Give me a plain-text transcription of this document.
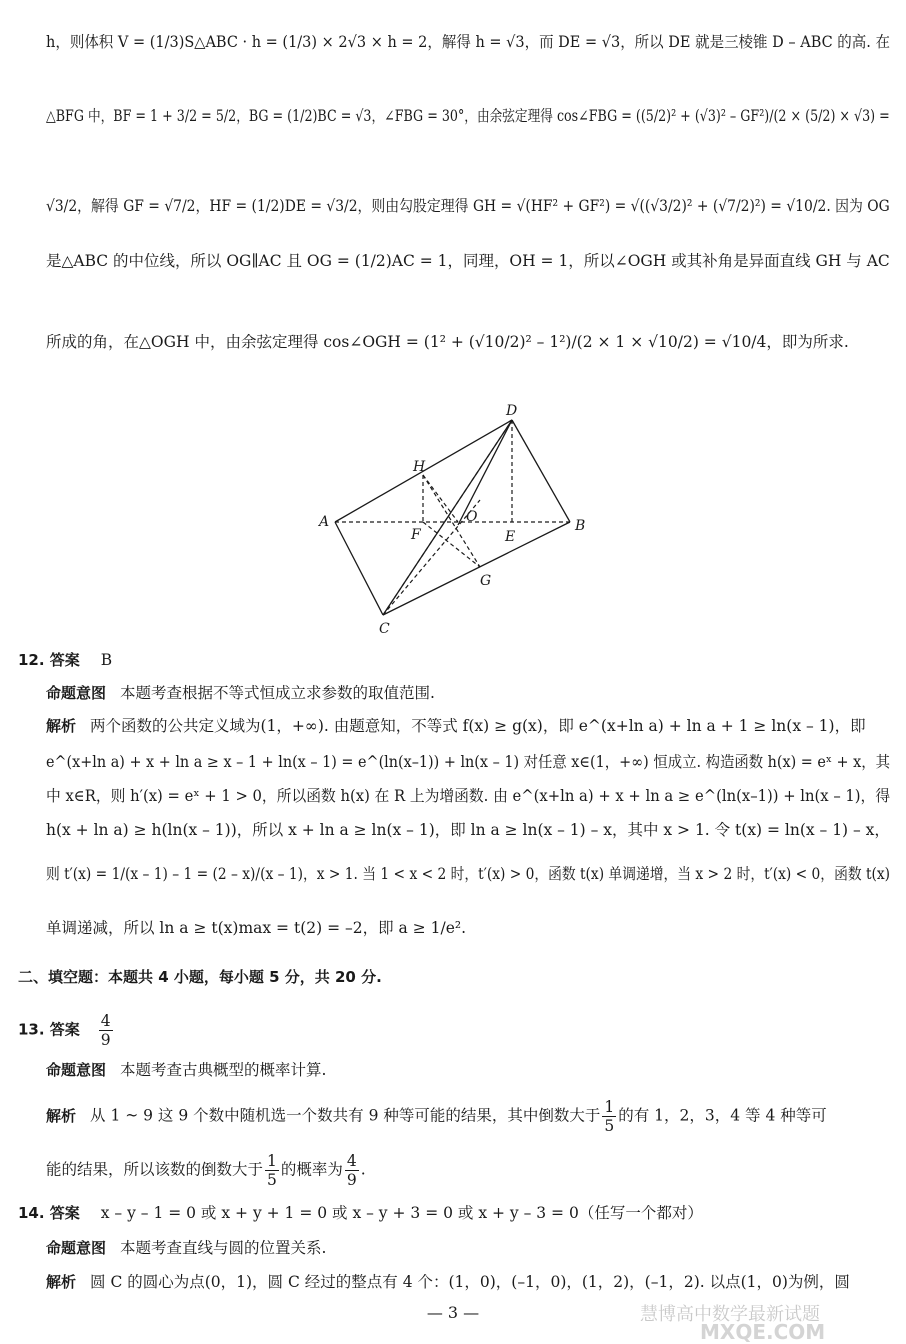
h，则体积 V = (1/3)S△ABC · h = (1/3) × 2√3 × h = 2，解得 h = √3，而 DE = √3，所以 DE 就是三棱锥 D – ABC 的高. 在
△BFG 中，BF = 1 + 3/2 = 5/2，BG = (1/2)BC = √3，∠FBG = 30°，由余弦定理得 cos∠FBG = ((5/2)² + (√3)² – GF²)/(2 × (5/2) × √3) =
√3/2，解得 GF = √7/2，HF = (1/2)DE = √3/2，则由勾股定理得 GH = √(HF² + GF²) = √((√3/2)² + (√7/2)²) = √10/2. 因为 OG
是△ABC 的中位线，所以 OG∥AC 且 OG = (1/2)AC = 1，同理，OH = 1，所以∠OGH 或其补角是异面直线 GH 与 AC
所成的角，在△OGH 中，由余弦定理得 cos∠OGH = (1² + (√10/2)² – 1²)/(2 × 1 × √10/2) = √10/4，即为所求.
A	B
C
D
E
F
G
H
O
12. 答案 B
命题意图 本题考查根据不等式恒成立求参数的取值范围.
解析 两个函数的公共定义域为(1，+∞). 由题意知，不等式 f(x) ≥ g(x)，即 e^(x+ln a) + ln a + 1 ≥ ln(x – 1)，即
e^(x+ln a) + x + ln a ≥ x – 1 + ln(x – 1) = e^(ln(x–1)) + ln(x – 1) 对任意 x∈(1，+∞) 恒成立. 构造函数 h(x) = eˣ + x，其
中 x∈R，则 h′(x) = eˣ + 1 > 0，所以函数 h(x) 在 R 上为增函数. 由 e^(x+ln a) + x + ln a ≥ e^(ln(x–1)) + ln(x – 1)，得
h(x + ln a) ≥ h(ln(x – 1))，所以 x + ln a ≥ ln(x – 1)，即 ln a ≥ ln(x – 1) – x，其中 x > 1. 令 t(x) = ln(x – 1) – x，
则 t′(x) = 1/(x – 1) – 1 = (2 – x)/(x – 1)，x > 1. 当 1 < x < 2 时，t′(x) > 0，函数 t(x) 单调递增，当 x > 2 时，t′(x) < 0，函数 t(x)
单调递减，所以 ln a ≥ t(x)max = t(2) = –2，即 a ≥ 1/e².
二、填空题：本题共 4 小题，每小题 5 分，共 20 分.
13. 答案 $\frac{4}{9}$
命题意图 本题考查古典概型的概率计算.
解析 从 1 ~ 9 这 9 个数中随机选一个数共有 9 种等可能的结果，其中倒数大于 $\frac{1}{5}$ 的有 1，2，3，4 等 4 种等可
能的结果，所以该数的倒数大于 $\frac{1}{5}$ 的概率为 $\frac{4}{9}$ .
14. 答案 x – y – 1 = 0 或 x + y + 1 = 0 或 x – y + 3 = 0 或 x + y – 3 = 0（任写一个都对）
命题意图 本题考查直线与圆的位置关系.
解析 圆 C 的圆心为点(0，1)，圆 C 经过的整点有 4 个：(1，0)，(–1，0)，(1，2)，(–1，2). 以点(1，0)为例，圆
— 3 —	慧博高中数学最新试题
MXQE.COM
